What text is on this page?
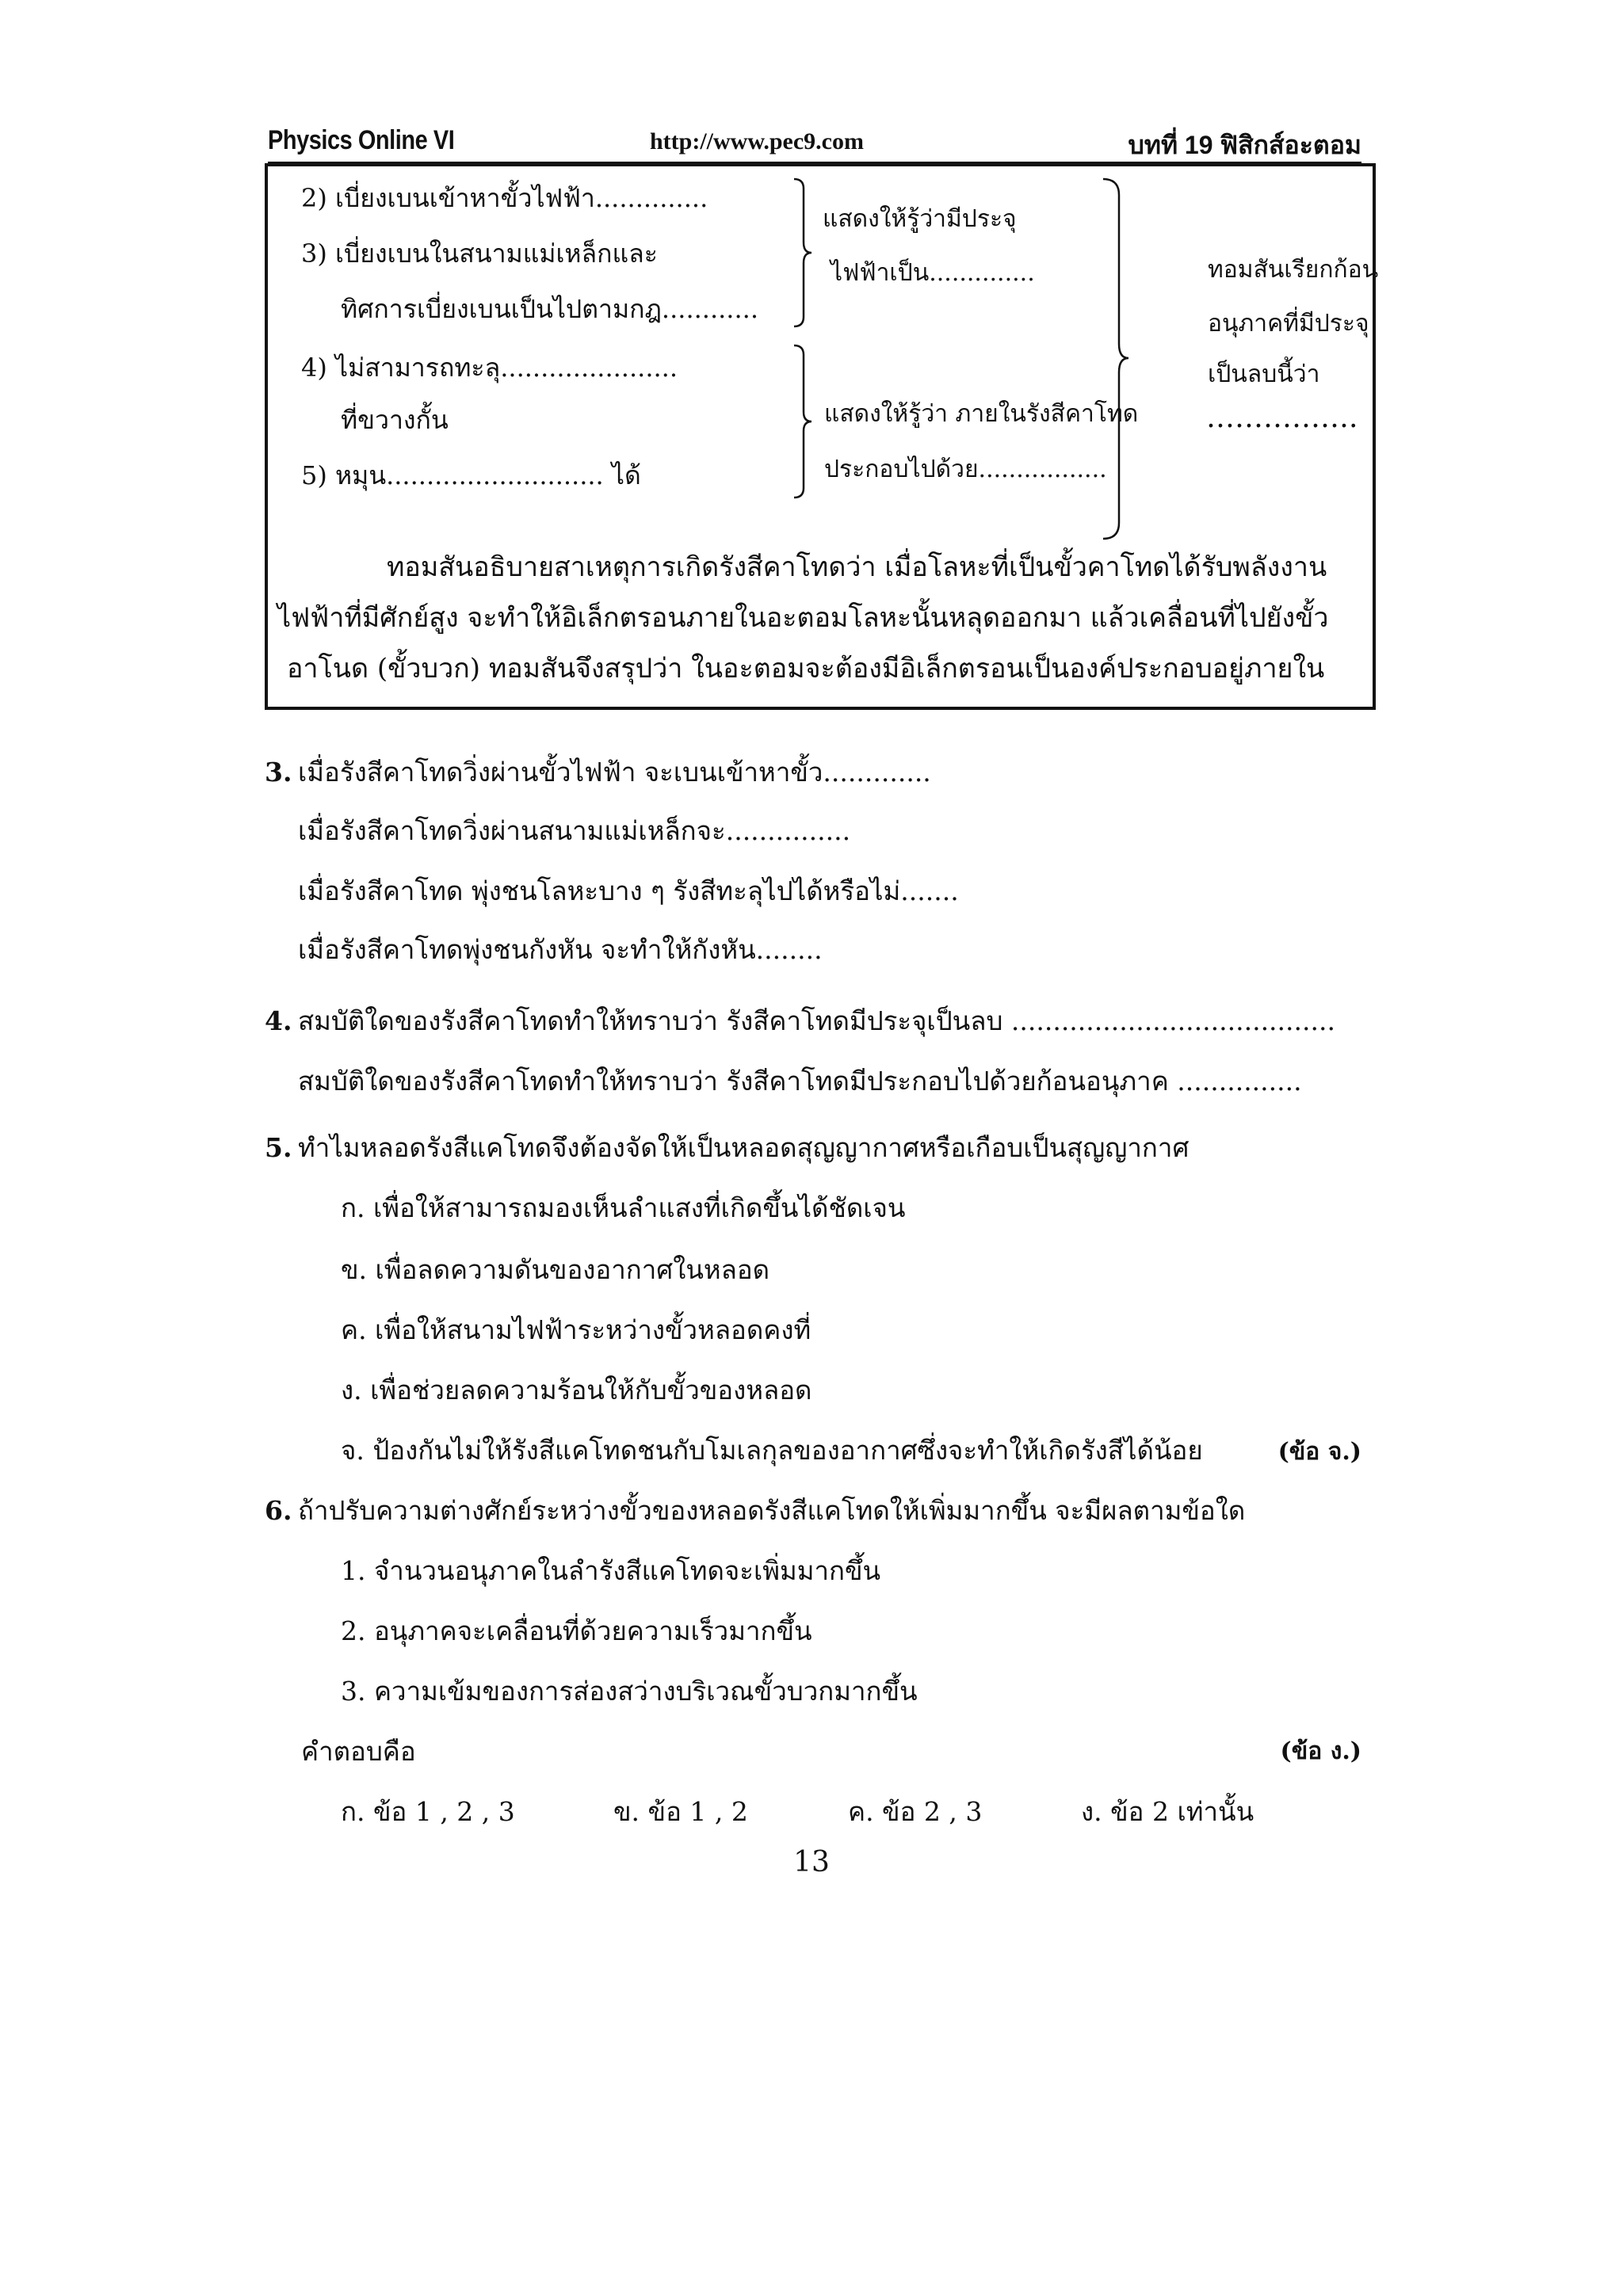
Physics Online VI	http://www.pec9.com	บทที่ 19 ฟิสิกส์อะตอม
2) เบี่ยงเบนเข้าหาขั้วไฟฟ้า..............
3) เบี่ยงเบนในสนามแม่เหล็กและ
ทิศการเบี่ยงเบนเป็นไปตามกฎ............
4) ไม่สามารถทะลุ......................
ที่ขวางกั้น
5) หมุน........................... ได้
แสดงให้รู้ว่ามีประจุ
ไฟฟ้าเป็น..............
แสดงให้รู้ว่า ภายในรังสีคาโทด
ประกอบไปด้วย.................
ทอมสันเรียกก้อน
อนุภาคที่มีประจุ
เป็นลบนี้ว่า
…………….

ทอมสันอธิบายสาเหตุการเกิดรังสีคาโทดว่า เมื่อโลหะที่เป็นขั้วคาโทดได้รับพลังงาน

ไฟฟ้าที่มีศักย์สูง จะทำให้อิเล็กตรอนภายในอะตอมโลหะนั้นหลุดออกมา แล้วเคลื่อนที่ไปยังขั้ว

อาโนด (ขั้วบวก) ทอมสันจึงสรุปว่า ในอะตอมจะต้องมีอิเล็กตรอนเป็นองค์ประกอบอยู่ภายใน

3. เมื่อรังสีคาโทดวิ่งผ่านขั้วไฟฟ้า จะเบนเข้าหาขั้ว.............
เมื่อรังสีคาโทดวิ่งผ่านสนามแม่เหล็กจะ...............
เมื่อรังสีคาโทด พุ่งชนโลหะบาง ๆ รังสีทะลุไปได้หรือไม่.......
เมื่อรังสีคาโทดพุ่งชนกังหัน จะทำให้กังหัน........
4. สมบัติใดของรังสีคาโทดทำให้ทราบว่า รังสีคาโทดมีประจุเป็นลบ .......................................
สมบัติใดของรังสีคาโทดทำให้ทราบว่า รังสีคาโทดมีประกอบไปด้วยก้อนอนุภาค ...............
5. ทำไมหลอดรังสีแคโทดจึงต้องจัดให้เป็นหลอดสุญญากาศหรือเกือบเป็นสุญญากาศ
ก. เพื่อให้สามารถมองเห็นลำแสงที่เกิดขึ้นได้ชัดเจน
ข. เพื่อลดความดันของอากาศในหลอด
ค. เพื่อให้สนามไฟฟ้าระหว่างขั้วหลอดคงที่
ง. เพื่อช่วยลดความร้อนให้กับขั้วของหลอด
จ. ป้องกันไม่ให้รังสีแคโทดชนกับโมเลกุลของอากาศซึ่งจะทำให้เกิดรังสีได้น้อย	(ข้อ จ.)
6. ถ้าปรับความต่างศักย์ระหว่างขั้วของหลอดรังสีแคโทดให้เพิ่มมากขึ้น จะมีผลตามข้อใด
1. จำนวนอนุภาคในลำรังสีแคโทดจะเพิ่มมากขึ้น
2. อนุภาคจะเคลื่อนที่ด้วยความเร็วมากขึ้น
3. ความเข้มของการส่องสว่างบริเวณขั้วบวกมากขึ้น
คำตอบคือ	(ข้อ ง.)
ก. ข้อ 1 , 2 , 3	ข. ข้อ 1 , 2	ค. ข้อ 2 , 3	ง. ข้อ 2 เท่านั้น
13
